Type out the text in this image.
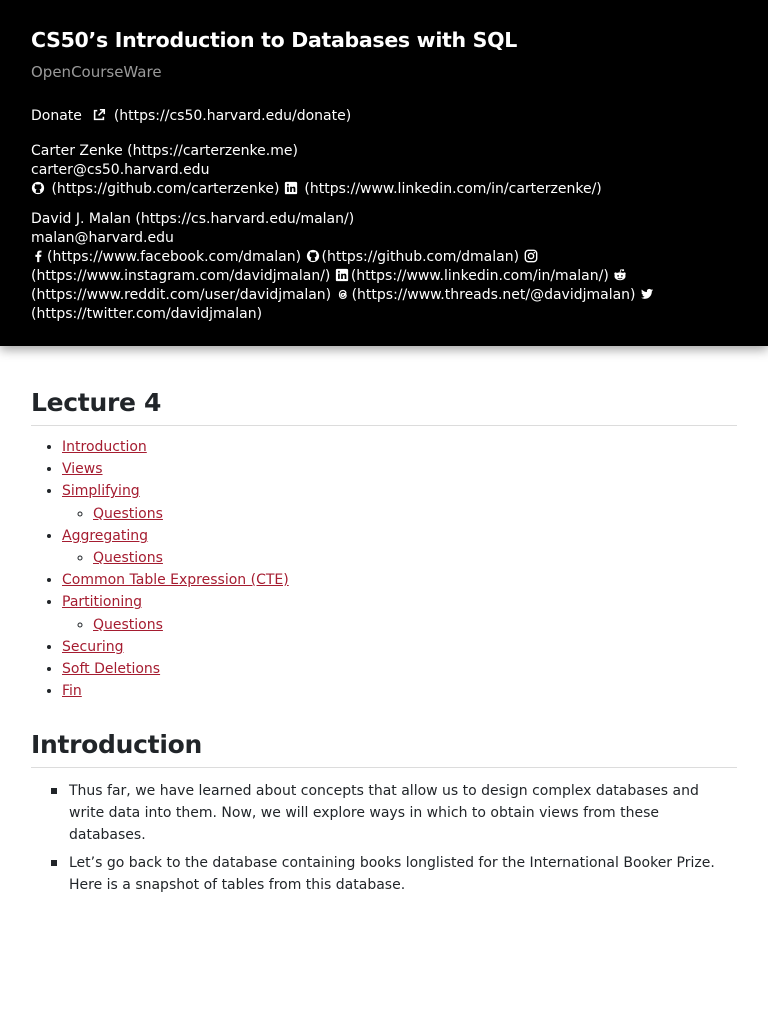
CS50’s Introduction to Databases with SQL
OpenCourseWare
Donate (https://cs50.harvard.edu/donate)
Carter Zenke (https://carterzenke.me)
carter@cs50.harvard.edu
(https://github.com/carterzenke) (https://www.linkedin.com/in/carterzenke/)
David J. Malan (https://cs.harvard.edu/malan/)
malan@harvard.edu
(https://www.facebook.com/dmalan) (https://github.com/dmalan)
(https://www.instagram.com/davidjmalan/) (https://www.linkedin.com/in/malan/)
(https://www.reddit.com/user/davidjmalan) (https://www.threads.net/@davidjmalan)
(https://twitter.com/davidjmalan)
Lecture 4
• Introduction
• Views
• Simplifying
◦ Questions
• Aggregating
◦ Questions
• Common Table Expression (CTE)
• Partitioning
◦ Questions
• Securing
• Soft Deletions
• Fin
Introduction
Thus far, we have learned about concepts that allow us to design complex databases and write data into them. Now, we will explore ways in which to obtain views from these databases.
Let’s go back to the database containing books longlisted for the International Booker Prize. Here is a snapshot of tables from this database.
